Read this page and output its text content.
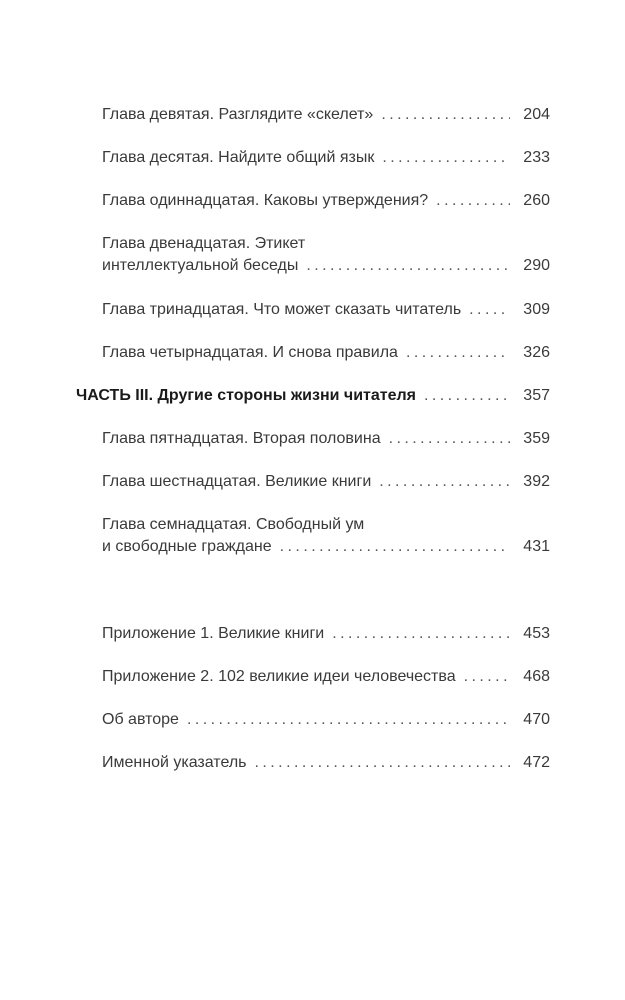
Глава девятая. Разглядите «скелет» . . .	204
Глава десятая. Найдите общий язык . . .	233
Глава одиннадцатая. Каковы утверждения? . . .	260
Глава двенадцатая. Этикет
интеллектуальной беседы . . .	290
Глава тринадцатая. Что может сказать читатель . . .	309
Глава четырнадцатая. И снова правила . . .	326
ЧАСТЬ III. Другие стороны жизни читателя . . .	357
Глава пятнадцатая. Вторая половина . . .	359
Глава шестнадцатая. Великие книги . . .	392
Глава семнадцатая. Свободный ум
и свободные граждане . . .	431
Приложение 1. Великие книги . . .	453
Приложение 2. 102 великие идеи человечества . . .	468
Об авторе . . .	470
Именной указатель . . .	472
